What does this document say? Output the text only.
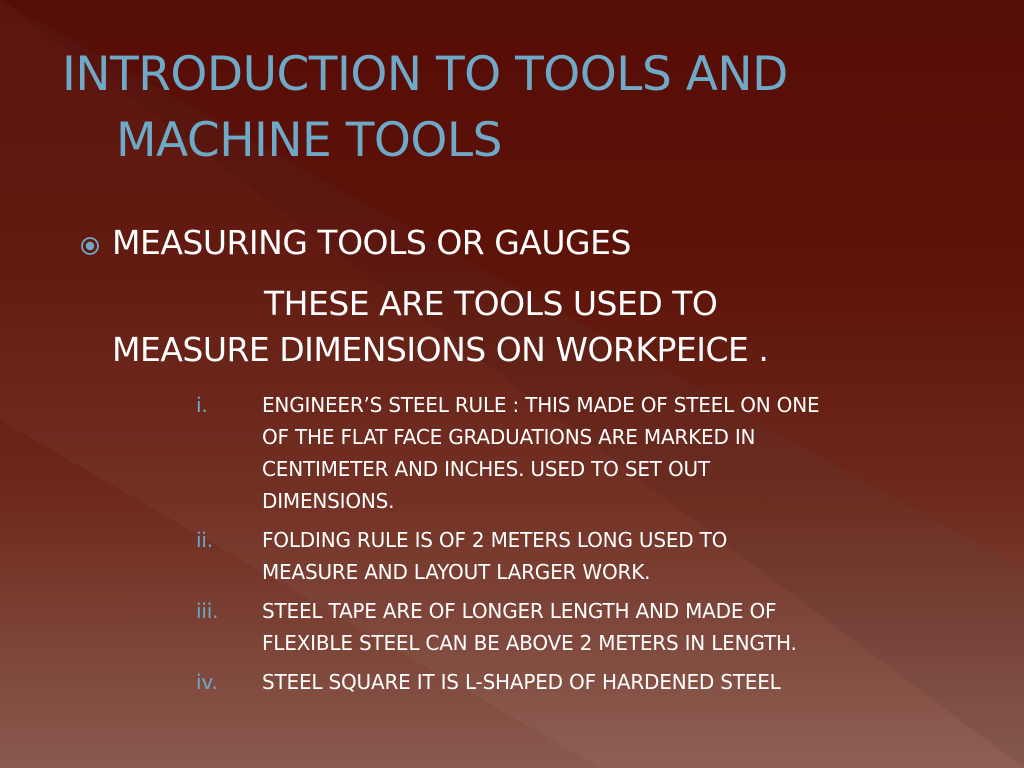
INTRODUCTION TO TOOLS AND
MACHINE TOOLS
MEASURING TOOLS OR GAUGES
THESE ARE TOOLS USED TO
MEASURE DIMENSIONS ON WORKPEICE .
i.	ENGINEER’S STEEL RULE : THIS MADE OF STEEL ON ONE
OF THE FLAT FACE GRADUATIONS ARE MARKED IN
CENTIMETER AND INCHES. USED TO SET OUT
DIMENSIONS.
ii. FOLDING RULE IS OF 2 METERS LONG USED TO
MEASURE AND LAYOUT LARGER WORK.
iii. STEEL TAPE ARE OF LONGER LENGTH AND MADE OF
FLEXIBLE STEEL CAN BE ABOVE 2 METERS IN LENGTH.
iv. STEEL SQUARE IT IS L-SHAPED OF HARDENED STEEL
